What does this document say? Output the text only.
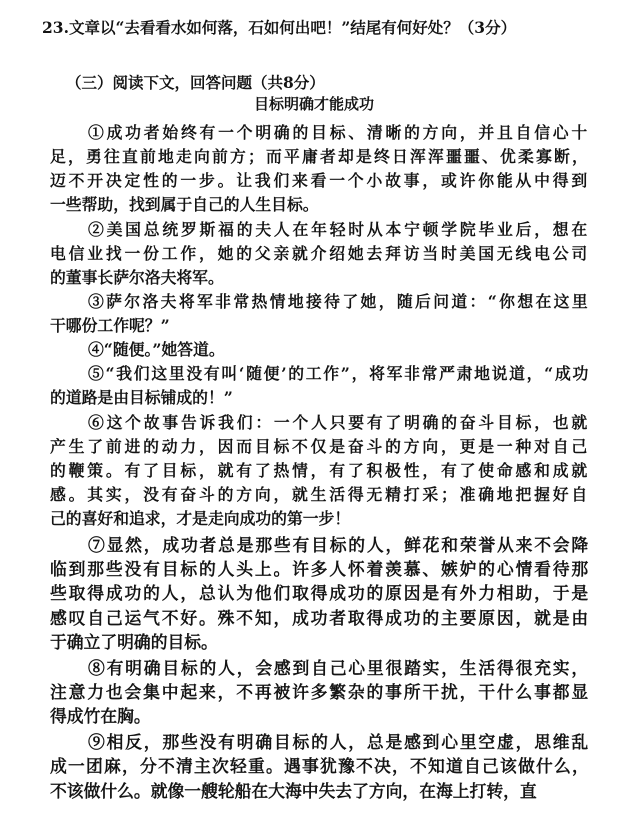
23.文章以“去看看水如何落，石如何出吧！”结尾有何好处？（3分）
（三）阅读下文，回答问题（共8分）
目标明确才能成功
①成功者始终有一个明确的目标、清晰的方向，并且自信心十
足，勇往直前地走向前方；而平庸者却是终日浑浑噩噩、优柔寡断，
迈不开决定性的一步。让我们来看一个小故事，或许你能从中得到
一些帮助，找到属于自己的人生目标。
②美国总统罗斯福的夫人在年轻时从本宁顿学院毕业后，想在
电信业找一份工作，她的父亲就介绍她去拜访当时美国无线电公司
的董事长萨尔洛夫将军。
③萨尔洛夫将军非常热情地接待了她，随后问道：“你想在这里
干哪份工作呢？”
④“随便。”她答道。
⑤“我们这里没有叫‘随便’的工作”，将军非常严肃地说道，“成功
的道路是由目标铺成的！”
⑥这个故事告诉我们：一个人只要有了明确的奋斗目标，也就
产生了前进的动力，因而目标不仅是奋斗的方向，更是一种对自己
的鞭策。有了目标，就有了热情，有了积极性，有了使命感和成就
感。其实，没有奋斗的方向，就生活得无精打采；准确地把握好自
己的喜好和追求，才是走向成功的第一步！
⑦显然，成功者总是那些有目标的人，鲜花和荣誉从来不会降
临到那些没有目标的人头上。许多人怀着羡慕、嫉妒的心情看待那
些取得成功的人，总认为他们取得成功的原因是有外力相助，于是
感叹自己运气不好。殊不知，成功者取得成功的主要原因，就是由
于确立了明确的目标。
⑧有明确目标的人，会感到自己心里很踏实，生活得很充实，
注意力也会集中起来，不再被许多繁杂的事所干扰，干什么事都显
得成竹在胸。
⑨相反，那些没有明确目标的人，总是感到心里空虚，思维乱
成一团麻，分不清主次轻重。遇事犹豫不决，不知道自己该做什么，
不该做什么。就像一艘轮船在大海中失去了方向，在海上打转，直
